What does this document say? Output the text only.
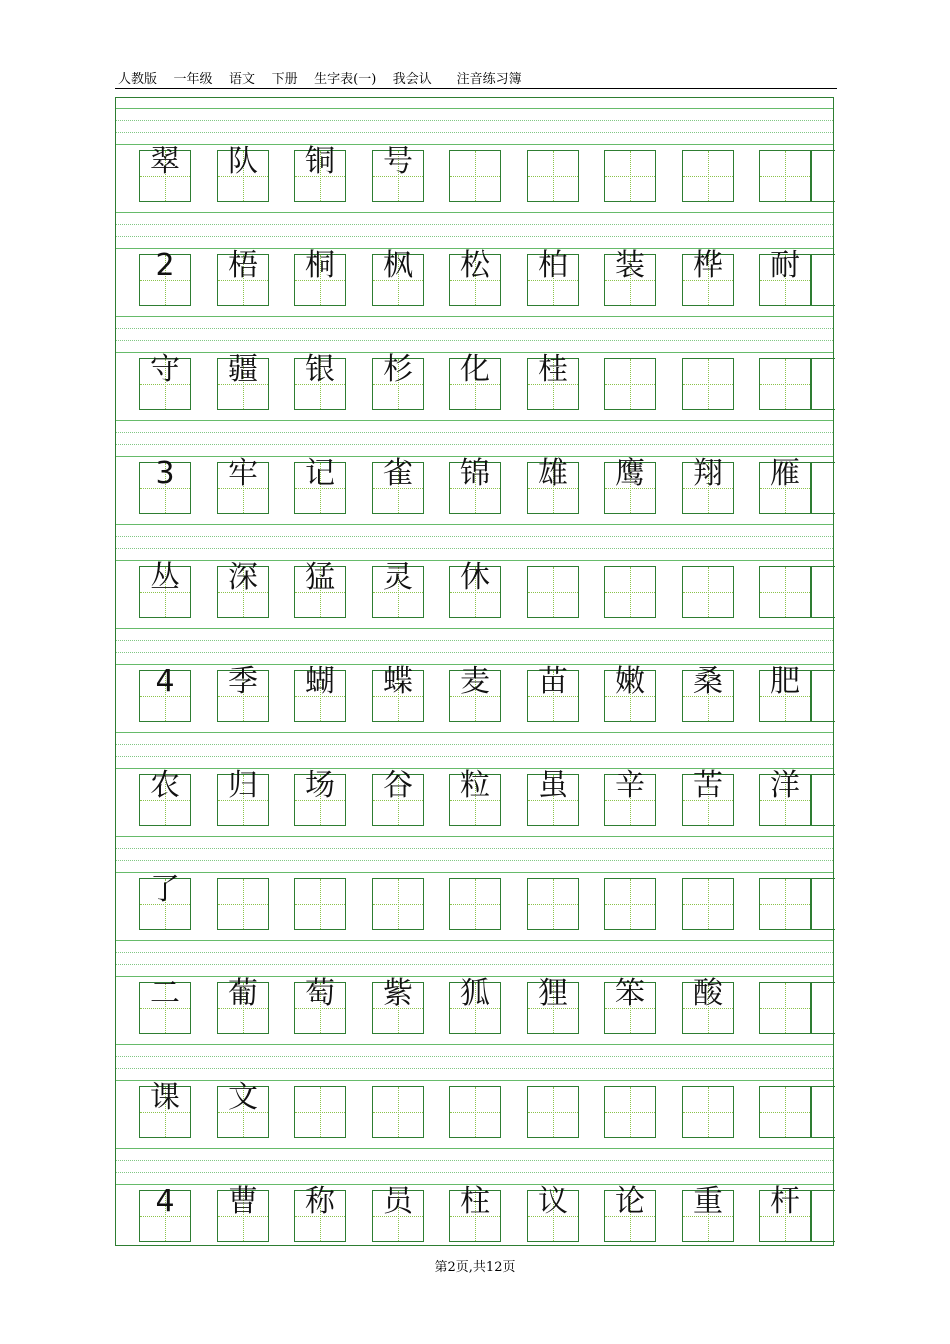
人教版    一年级    语文    下册    生字表(一)    我会认      注音练习簿
翠	队	铜	号
2	梧	桐	枫	松	柏	装	桦	耐
守	疆	银	杉	化	桂
3	牢	记	雀	锦	雄	鹰	翔	雁
丛	深	猛	灵	休
4	季	蝴	蝶	麦	苗	嫩	桑	肥
农	归	场	谷	粒	虽	辛	苦	洋
了
二	葡	萄	紫	狐	狸	笨	酸
课	文
4	曹	称	员	柱	议	论	重	杆
第2页,共12页
